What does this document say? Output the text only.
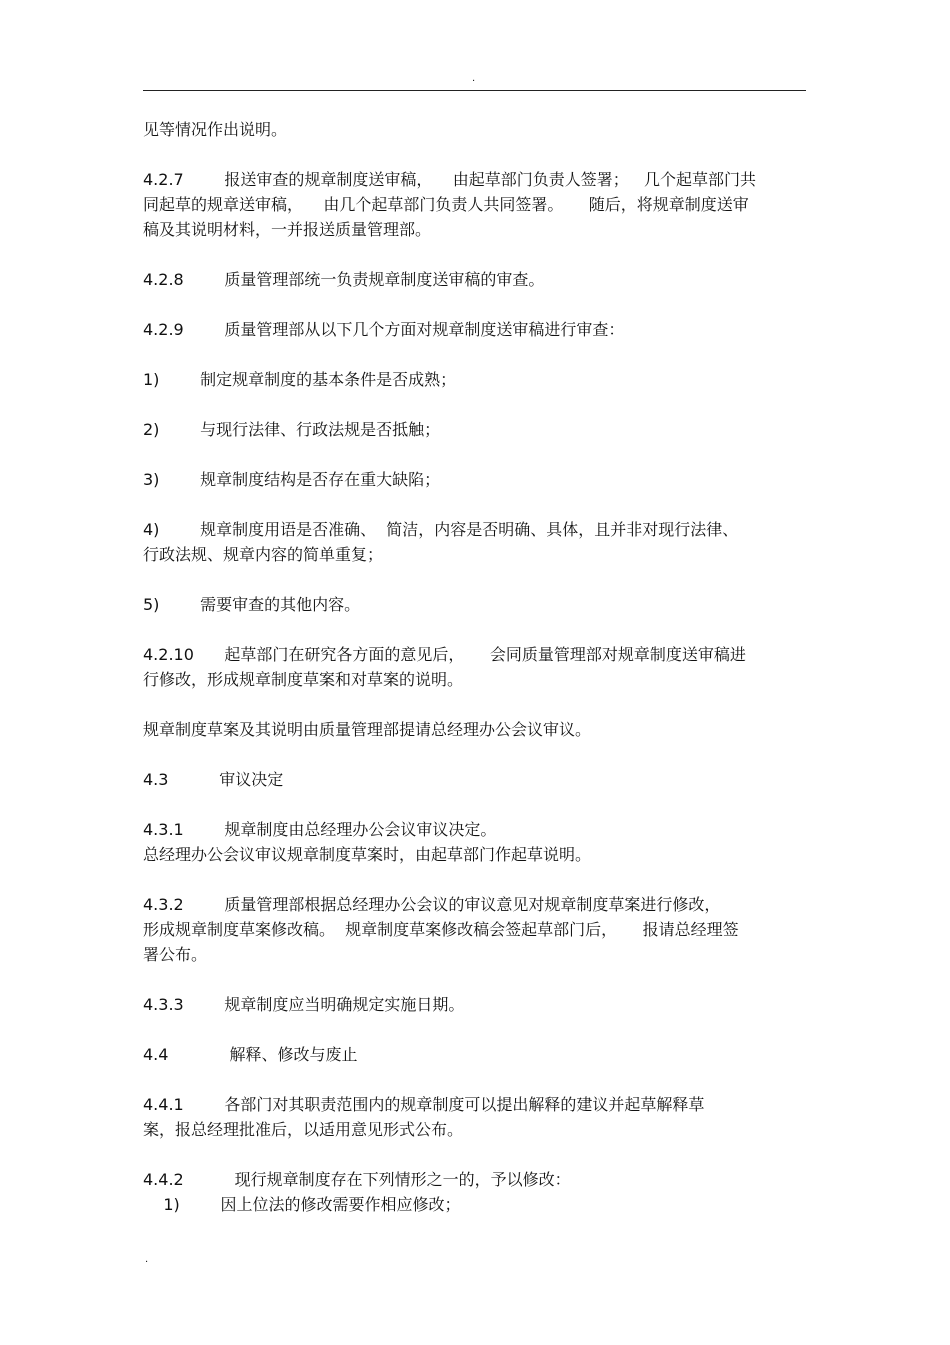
.

见等情况作出说明。

4.2.7        报送审查的规章制度送审稿，    由起草部门负责人签署；   几个起草部门共
同起草的规章送审稿，    由几个起草部门负责人共同签署。     随后，将规章制度送审
稿及其说明材料，一并报送质量管理部。

4.2.8        质量管理部统一负责规章制度送审稿的审查。

4.2.9        质量管理部从以下几个方面对规章制度送审稿进行审查：

1)        制定规章制度的基本条件是否成熟；

2)        与现行法律、行政法规是否抵触；

3)        规章制度结构是否存在重大缺陷；

4)        规章制度用语是否准确、  简洁，内容是否明确、具体，且并非对现行法律、
行政法规、规章内容的简单重复；

5)        需要审查的其他内容。

4.2.10      起草部门在研究各方面的意见后，     会同质量管理部对规章制度送审稿进
行修改，形成规章制度草案和对草案的说明。

规章制度草案及其说明由质量管理部提请总经理办公会议审议。

4.3          审议决定

4.3.1        规章制度由总经理办公会议审议决定。
总经理办公会议审议规章制度草案时，由起草部门作起草说明。

4.3.2        质量管理部根据总经理办公会议的审议意见对规章制度草案进行修改，
形成规章制度草案修改稿。  规章制度草案修改稿会签起草部门后，     报请总经理签
署公布。

4.3.3        规章制度应当明确规定实施日期。

4.4            解释、修改与废止

4.4.1        各部门对其职责范围内的规章制度可以提出解释的建议并起草解释草
案，报总经理批准后，以适用意见形式公布。

4.4.2          现行规章制度存在下列情形之一的，予以修改：
1)        因上位法的修改需要作相应修改；

.
